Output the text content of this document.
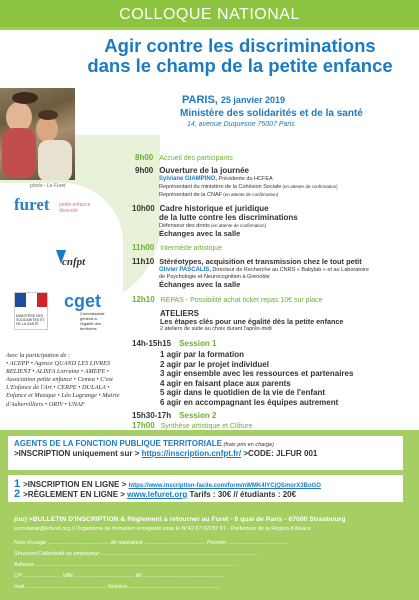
COLLOQUE NATIONAL
Agir contre les discriminations
dans le champ de la petite enfance
photo - Le Furet
PARIS, 25 janvier 2019
Ministère des solidarités et de la santé
14, avenue Duquesne 75007 Paris
furet petite enfance diversité
cnfpt
MINISTÈRE DES SOLIDARITÉS ET DE LA SANTÉ
cget
Commissariat général à l'égalité des territoires
Avec la participation de :
• ACEPP • Agence QUAND LES LIVRES RELIENT • ALISFA Lorraine • AMEPE • Association petite enfance • Cemea • C'est L'Enfance de l'Art • CERPE • DULALA • Enfance et Musique • Léo Lagrange • Mairie d'Aubervilliers • ORIV • UNAF
8h00 Accueil des participants
9h00 Ouverture de la journée
Sylviane GIAMPINO, Présidente du HCFEA
Représentant du ministère de la Cohésion Sociale (en attente de confirmation)
Représentant de la CNAF (en attente de confirmation)
10h00 Cadre historique et juridique
de la lutte contre les discriminations
Défenseur des droits (en attente de confirmation)
Échanges avec la salle
11h00 Intermède artistique
11h10 Stéréotypes, acquisition et transmission chez le tout petit
Olivier PASCALIS, Directeur de Recherche au CNRS « Babylab » et au Laboratoire
de Psychologie et Neurocognition à Grenoble
Échanges avec la salle
12h10 REPAS - Possibilité achat ticket repas 10€ sur place
ATELIERS
Les étapes clés pour une égalité dès la petite enfance
2 ateliers de suite au choix durant l'après-midi
14h-15h15 Session 1
1 agir par la formation
2 agir par le projet individuel
3 agir ensemble avec les ressources et partenaires
4 agir en faisant place aux parents
5 agir dans le quotidien de la vie de l'enfant
6 agir en accompagnant les équipes autrement
15h30-17h Session 2
17h00 Synthèse artistique et Clôture
AGENTS DE LA FONCTION PUBLIQUE TERRITORIALE (frais pris en charge)
>INSCRIPTION uniquement sur > https://inscription.cnfpt.fr/ >CODE: JLFUR 001
1 >INSCRIPTION EN LIGNE > https://www.inscription-facile.com/form/nWMK4lYCjQSmorX3BoGO
2 >RÈGLEMENT EN LIGNE > www.lefuret.org Tarifs : 30€ // étudiants : 20€
(ou) >BULLETIN D'INSCRIPTION & Règlement à retourner au Furet - 6 quai de Paris - 67000 Strasbourg
secretariat@lefuret.org // Organisme de formation enregistré sous le N°42 67 02787 67 - Préfecture de la Région d'Alsace
Nom d'usage ........................................ de naissance ........................................ Prénom .......................................
Structure/Collectivité ou employeur .......................................................................................................
Adresse ...................................................................................................................................
CP ......................... Ville ....................................... tél .....................................................
mail ..................................................... fonction ...........................................................
